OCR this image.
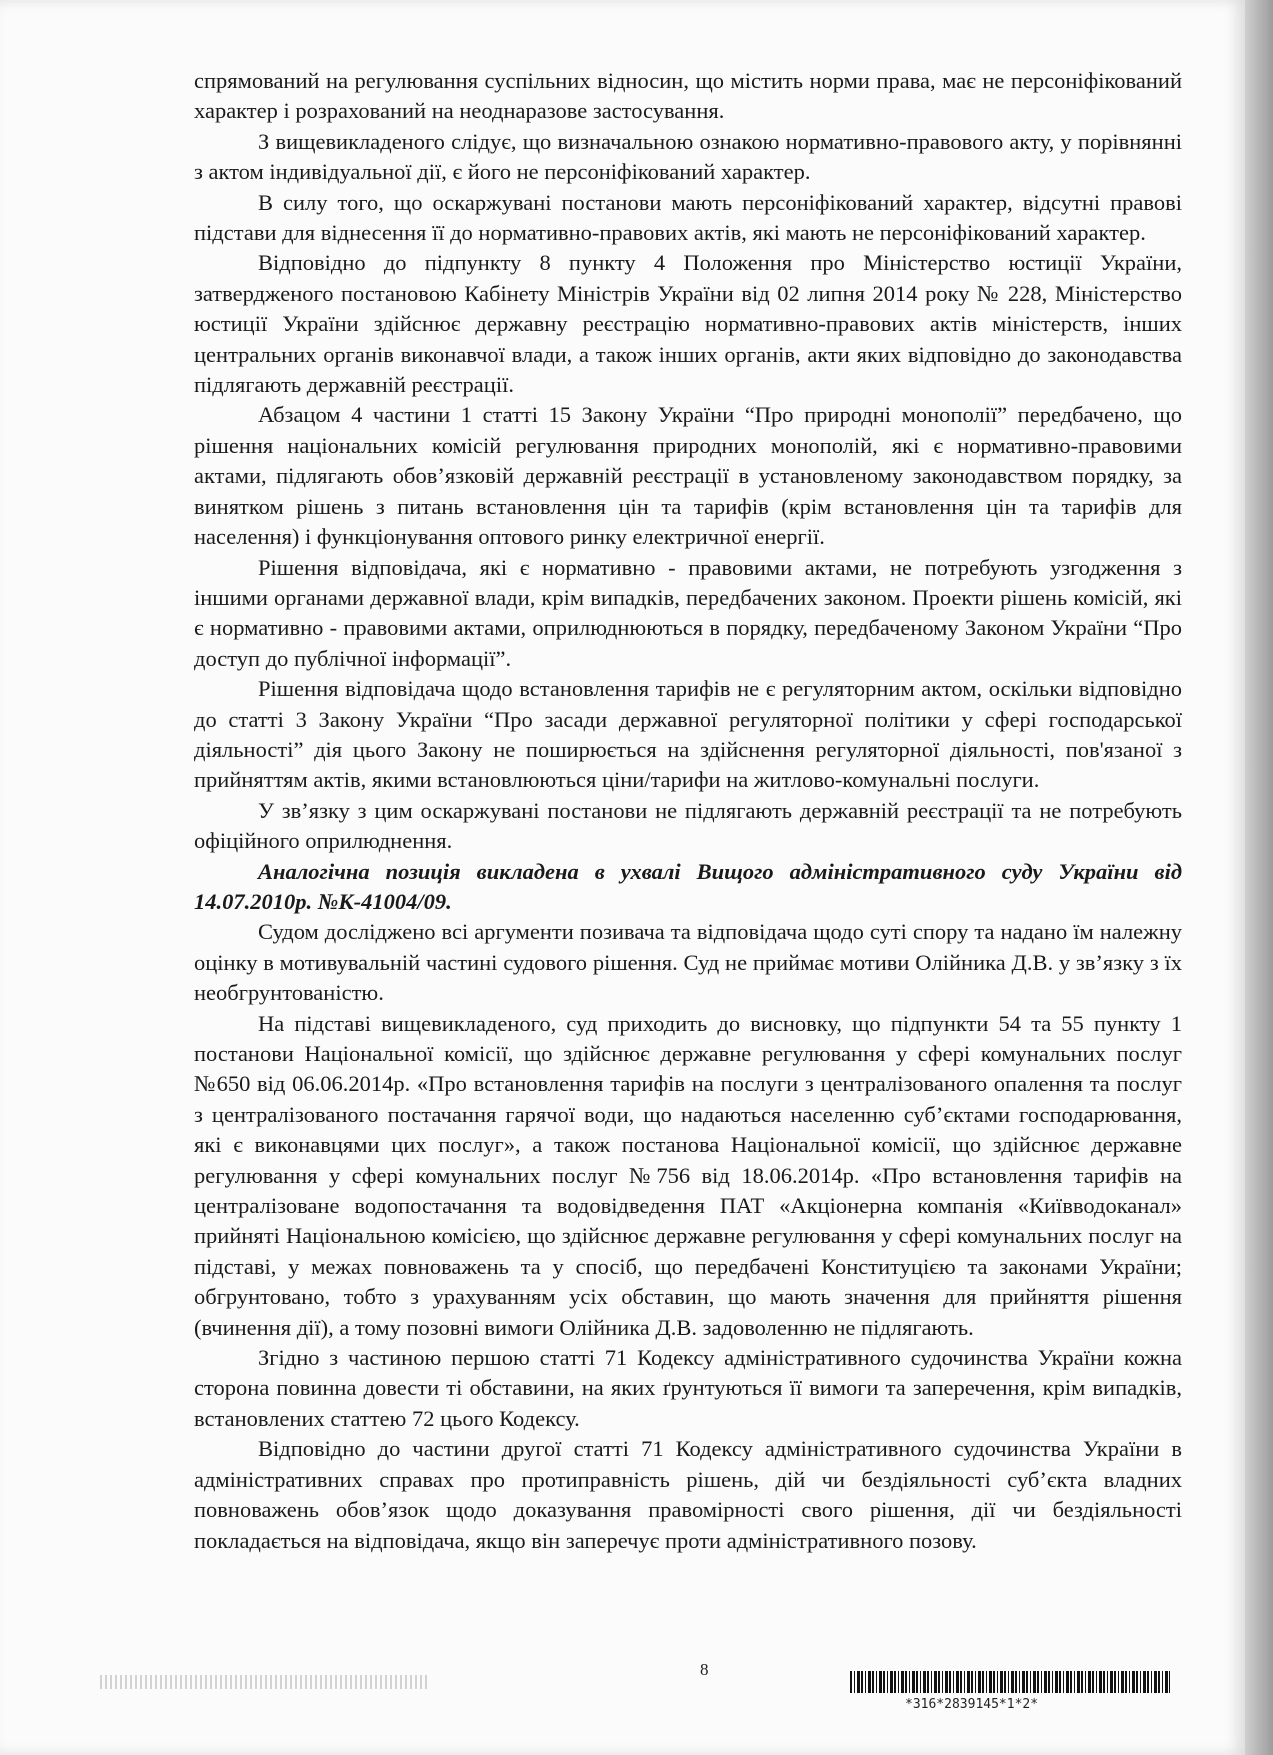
спрямований на регулювання суспільних відносин, що містить норми права, має не персоніфікований характер і розрахований на неоднаразове застосування.

З вищевикладеного слідує, що визначальною ознакою нормативно-правового акту, у порівнянні з актом індивідуальної дії, є його не персоніфікований характер.

В силу того, що оскаржувані постанови мають персоніфікований характер, відсутні правові підстави для віднесення її до нормативно-правових актів, які мають не персоніфікований характер.

Відповідно до підпункту 8 пункту 4 Положення про Міністерство юстиції України, затвердженого постановою Кабінету Міністрів України від 02 липня 2014 року № 228, Міністерство юстиції України здійснює державну реєстрацію нормативно-правових актів міністерств, інших центральних органів виконавчої влади, а також інших органів, акти яких відповідно до законодавства підлягають державній реєстрації.

Абзацом 4 частини 1 статті 15 Закону України “Про природні монополії” передбачено, що рішення національних комісій регулювання природних монополій, які є нормативно-правовими актами, підлягають обов’язковій державній реєстрації в установленому законодавством порядку, за винятком рішень з питань встановлення цін та тарифів (крім встановлення цін та тарифів для населення) і функціонування оптового ринку електричної енергії.

Рішення відповідача, які є нормативно - правовими актами, не потребують узгодження з іншими органами державної влади, крім випадків, передбачених законом. Проекти рішень комісій, які є нормативно - правовими актами, оприлюднюються в порядку, передбаченому Законом України “Про доступ до публічної інформації”.

Рішення відповідача щодо встановлення тарифів не є регуляторним актом, оскільки відповідно до статті 3 Закону України “Про засади державної регуляторної політики у сфері господарської діяльності” дія цього Закону не поширюється на здійснення регуляторної діяльності, пов'язаної з прийняттям актів, якими встановлюються ціни/тарифи на житлово-комунальні послуги.

У зв’язку з цим оскаржувані постанови не підлягають державній реєстрації та не потребують офіційного оприлюднення.

Аналогічна позиція викладена в ухвалі Вищого адміністративного суду України від 14.07.2010р. №К-41004/09.

Судом досліджено всі аргументи позивача та відповідача щодо суті спору та надано їм належну оцінку в мотивувальній частині судового рішення. Суд не приймає мотиви Олійника Д.В. у зв’язку з їх необгрунтованістю.

На підставі вищевикладеного, суд приходить до висновку, що підпункти 54 та 55 пункту 1 постанови Національної комісії, що здійснює державне регулювання у сфері комунальних послуг №650 від 06.06.2014р. «Про встановлення тарифів на послуги з централізованого опалення та послуг з централізованого постачання гарячої води, що надаються населенню суб’єктами господарювання, які є виконавцями цих послуг», а також постанова Національної комісії, що здійснює державне регулювання у сфері комунальних послуг №756 від 18.06.2014р. «Про встановлення тарифів на централізоване водопостачання та водовідведення ПАТ «Акціонерна компанія «Київводоканал» прийняті Національною комісією, що здійснює державне регулювання у сфері комунальних послуг на підставі, у межах повноважень та у спосіб, що передбачені Конституцією та законами України; обгрунтовано, тобто з урахуванням усіх обставин, що мають значення для прийняття рішення (вчинення дії), а тому позовні вимоги Олійника Д.В. задоволенню не підлягають.

Згідно з частиною першою статті 71 Кодексу адміністративного судочинства України кожна сторона повинна довести ті обставини, на яких ґрунтуються її вимоги та заперечення, крім випадків, встановлених статтею 72 цього Кодексу.

Відповідно до частини другої статті 71 Кодексу адміністративного судочинства України в адміністративних справах про протиправність рішень, дій чи бездіяльності суб’єкта владних повноважень обов’язок щодо доказування правомірності свого рішення, дії чи бездіяльності покладається на відповідача, якщо він заперечує проти адміністративного позову.

8
*316*2839145*1*2*
